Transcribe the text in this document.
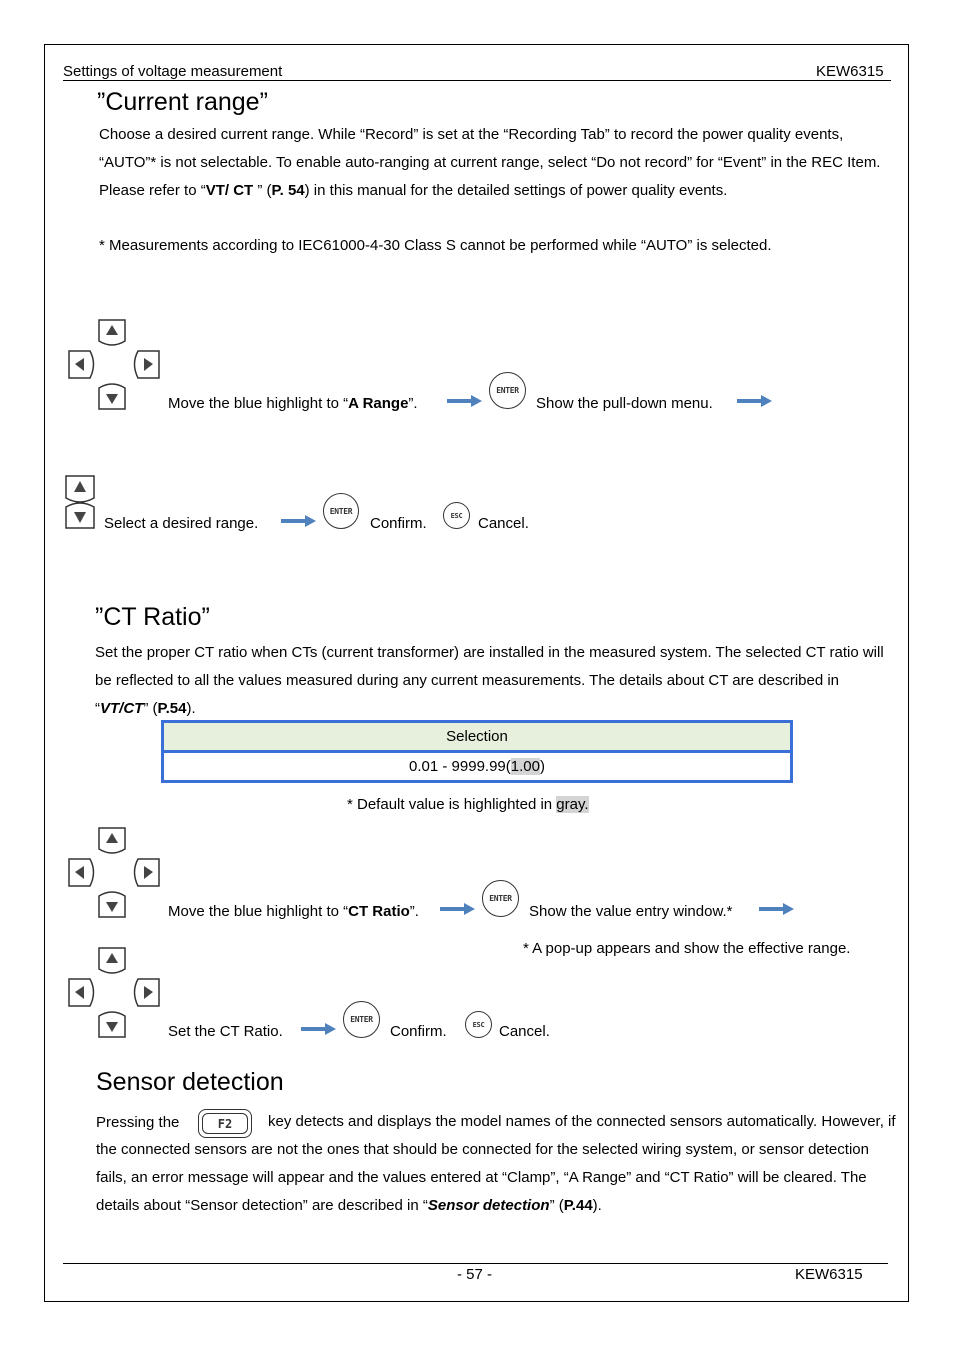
Settings of voltage measurement	KEW6315
”Current range”
Choose a desired current range. While “Record” is set at the “Recording Tab” to record the power quality events, “AUTO”* is not selectable. To enable auto-ranging at current range, select “Do not record” for “Event” in the REC Item. Please refer to “VT/ CT ” (P. 54) in this manual for the detailed settings of power quality events.
* Measurements according to IEC61000-4-30 Class S cannot be performed while “AUTO” is selected.
Move the blue highlight to “A Range”.
ENTER
Show the pull-down menu.
Select a desired range.
ENTER
Confirm.	ESC	Cancel.
”CT Ratio”
Set the proper CT ratio when CTs (current transformer) are installed in the measured system. The selected CT ratio will be reflected to all the values measured during any current measurements. The details about CT are described in “VT/CT” (P.54).
Selection
0.01 - 9999.99(1.00)
* Default value is highlighted in gray.
Move the blue highlight to “CT Ratio”.
ENTER
Show the value entry window.*
* A pop-up appears and show the effective range.
Set the CT Ratio.
ENTER
Confirm.	ESC Cancel.
Sensor detection
Pressing the	F2	key detects and displays the model names of the connected sensors automatically. However, if the connected sensors are not the ones that should be connected for the selected wiring system, or sensor detection fails, an error message will appear and the values entered at “Clamp”, “A Range” and “CT Ratio” will be cleared. The details about “Sensor detection” are described in “Sensor detection” (P.44).
- 57 -	KEW6315
